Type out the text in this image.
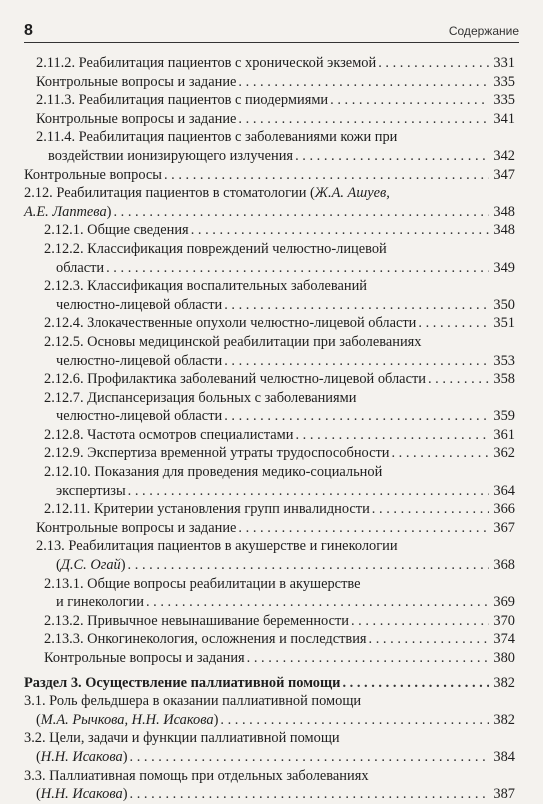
8	Содержание
2.11.2. Реабилитация пациентов с хронической экземой . . .	331
Контрольные вопросы и задание . . .	335
2.11.3. Реабилитация пациентов с пиодермиями . . .	335
Контрольные вопросы и задание . . .	341
2.11.4. Реабилитация пациентов с заболеваниями кожи при
воздействии ионизирующего излучения . . .	342
Контрольные вопросы . . .	347
2.12. Реабилитация пациентов в стоматологии (Ж.А. Ашуев,
А.Е. Лаптева) . . .	348
2.12.1. Общие сведения . . .	348
2.12.2. Классификация повреждений челюстно-лицевой
области . . .	349
2.12.3. Классификация воспалительных заболеваний
челюстно-лицевой области . . .	350
2.12.4. Злокачественные опухоли челюстно-лицевой области . . .	351
2.12.5. Основы медицинской реабилитации при заболеваниях
челюстно-лицевой области . . .	353
2.12.6. Профилактика заболеваний челюстно-лицевой области . . .	358
2.12.7. Диспансеризация больных с заболеваниями
челюстно-лицевой области . . .	359
2.12.8. Частота осмотров специалистами . . .	361
2.12.9. Экспертиза временной утраты трудоспособности . . .	362
2.12.10. Показания для проведения медико-социальной
экспертизы . . .	364
2.12.11. Критерии установления групп инвалидности . . .	366
Контрольные вопросы и задание . . .	367
2.13. Реабилитация пациентов в акушерстве и гинекологии
(Д.С. Огай) . . .	368
2.13.1. Общие вопросы реабилитации в акушерстве
и гинекологии . . .	369
2.13.2. Привычное невынашивание беременности . . .	370
2.13.3. Онкогинекология, осложнения и последствия . . .	374
Контрольные вопросы и задания . . .	380
Раздел 3. Осуществление паллиативной помощи . . .	382
3.1. Роль фельдшера в оказании паллиативной помощи
(М.А. Рычкова, Н.Н. Исакова) . . .	382
3.2. Цели, задачи и функции паллиативной помощи
(Н.Н. Исакова) . . .	384
3.3. Паллиативная помощь при отдельных заболеваниях
(Н.Н. Исакова) . . .	387
